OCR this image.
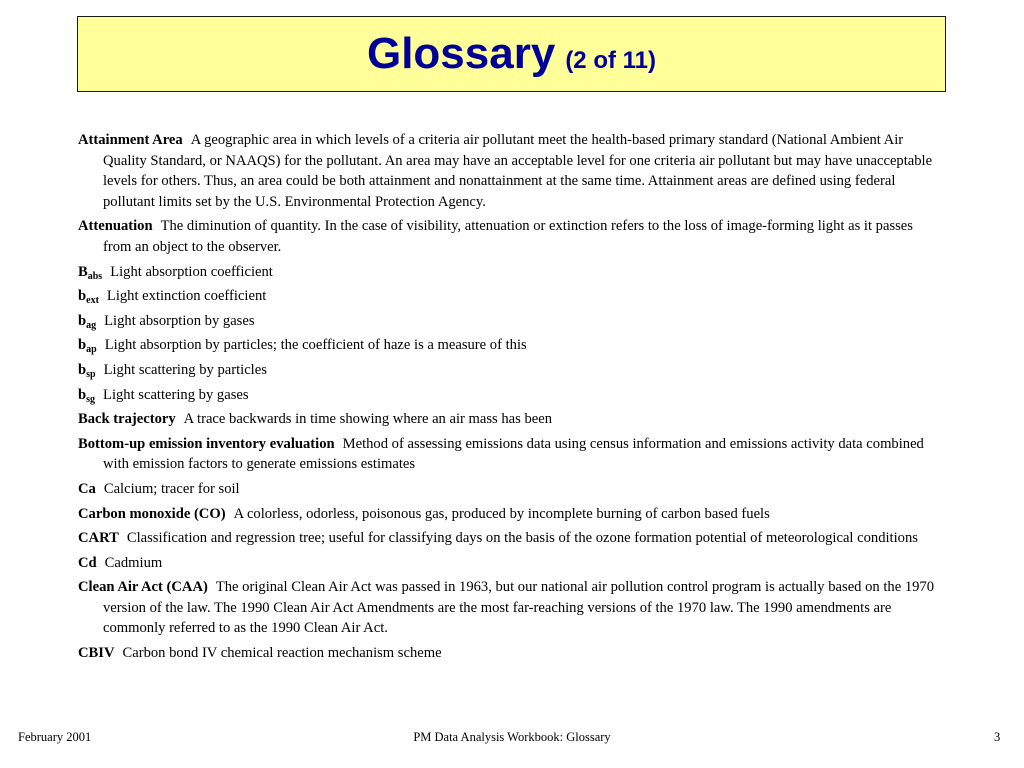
Glossary (2 of 11)
Attainment Area A geographic area in which levels of a criteria air pollutant meet the health-based primary standard (National Ambient Air Quality Standard, or NAAQS) for the pollutant. An area may have an acceptable level for one criteria air pollutant but may have unacceptable levels for others. Thus, an area could be both attainment and nonattainment at the same time. Attainment areas are defined using federal pollutant limits set by the U.S. Environmental Protection Agency.
Attenuation The diminution of quantity. In the case of visibility, attenuation or extinction refers to the loss of image-forming light as it passes from an object to the observer.
$B_{abs}$ Light absorption coefficient
$b_{ext}$ Light extinction coefficient
$b_{ag}$ Light absorption by gases
$b_{ap}$ Light absorption by particles; the coefficient of haze is a measure of this
$b_{sp}$ Light scattering by particles
$b_{sg}$ Light scattering by gases
Back trajectory A trace backwards in time showing where an air mass has been
Bottom-up emission inventory evaluation Method of assessing emissions data using census information and emissions activity data combined with emission factors to generate emissions estimates
Ca Calcium; tracer for soil
Carbon monoxide (CO) A colorless, odorless, poisonous gas, produced by incomplete burning of carbon based fuels
CART Classification and regression tree; useful for classifying days on the basis of the ozone formation potential of meteorological conditions
Cd Cadmium
Clean Air Act (CAA) The original Clean Air Act was passed in 1963, but our national air pollution control program is actually based on the 1970 version of the law. The 1990 Clean Air Act Amendments are the most far-reaching versions of the 1970 law. The 1990 amendments are commonly referred to as the 1990 Clean Air Act.
CBIV Carbon bond IV chemical reaction mechanism scheme
February 2001	PM Data Analysis Workbook: Glossary	3
